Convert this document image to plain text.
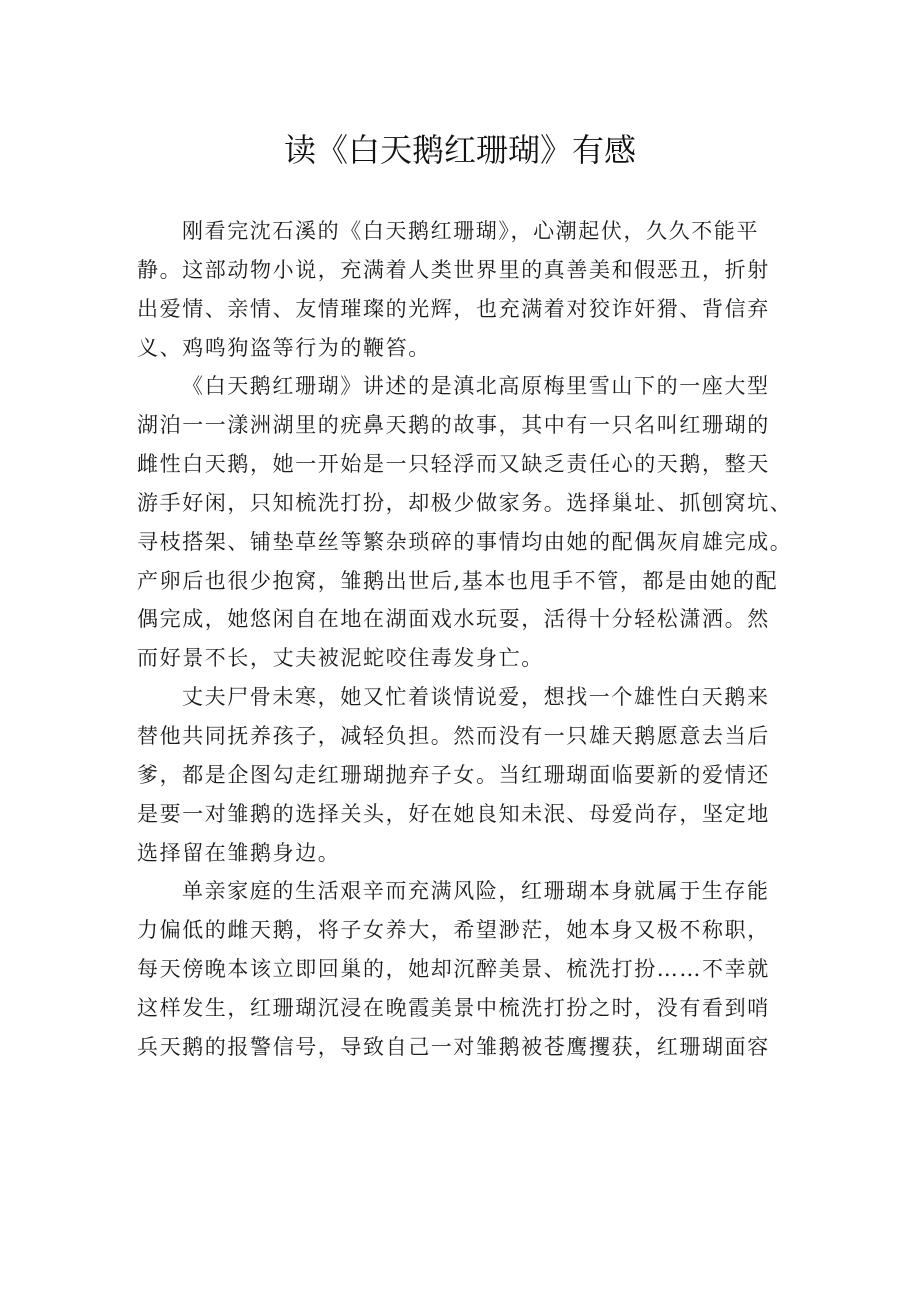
读《白天鹅红珊瑚》有感
刚看完沈石溪的《白天鹅红珊瑚》，心潮起伏，久久不能平
静。这部动物小说，充满着人类世界里的真善美和假恶丑，折射
出爱情、亲情、友情璀璨的光辉，也充满着对狡诈奸猾、背信弃
义、鸡鸣狗盗等行为的鞭笞。
《白天鹅红珊瑚》讲述的是滇北高原梅里雪山下的一座大型
湖泊一一漾洲湖里的疣鼻天鹅的故事，其中有一只名叫红珊瑚的
雌性白天鹅，她一开始是一只轻浮而又缺乏责任心的天鹅，整天
游手好闲，只知梳洗打扮，却极少做家务。选择巢址、抓刨窝坑、
寻枝搭架、铺垫草丝等繁杂琐碎的事情均由她的配偶灰肩雄完成。
产卵后也很少抱窝，雏鹅出世后,基本也甩手不管，都是由她的配
偶完成，她悠闲自在地在湖面戏水玩耍，活得十分轻松潇洒。然
而好景不长，丈夫被泥蛇咬住毒发身亡。
丈夫尸骨未寒，她又忙着谈情说爱，想找一个雄性白天鹅来
替他共同抚养孩子，减轻负担。然而没有一只雄天鹅愿意去当后
爹，都是企图勾走红珊瑚抛弃子女。当红珊瑚面临要新的爱情还
是要一对雏鹅的选择关头，好在她良知未泯、母爱尚存，坚定地
选择留在雏鹅身边。
单亲家庭的生活艰辛而充满风险，红珊瑚本身就属于生存能
力偏低的雌天鹅，将子女养大，希望渺茫，她本身又极不称职，
每天傍晚本该立即回巢的，她却沉醉美景、梳洗打扮……不幸就
这样发生，红珊瑚沉浸在晚霞美景中梳洗打扮之时，没有看到哨
兵天鹅的报警信号，导致自己一对雏鹅被苍鹰攫获，红珊瑚面容
